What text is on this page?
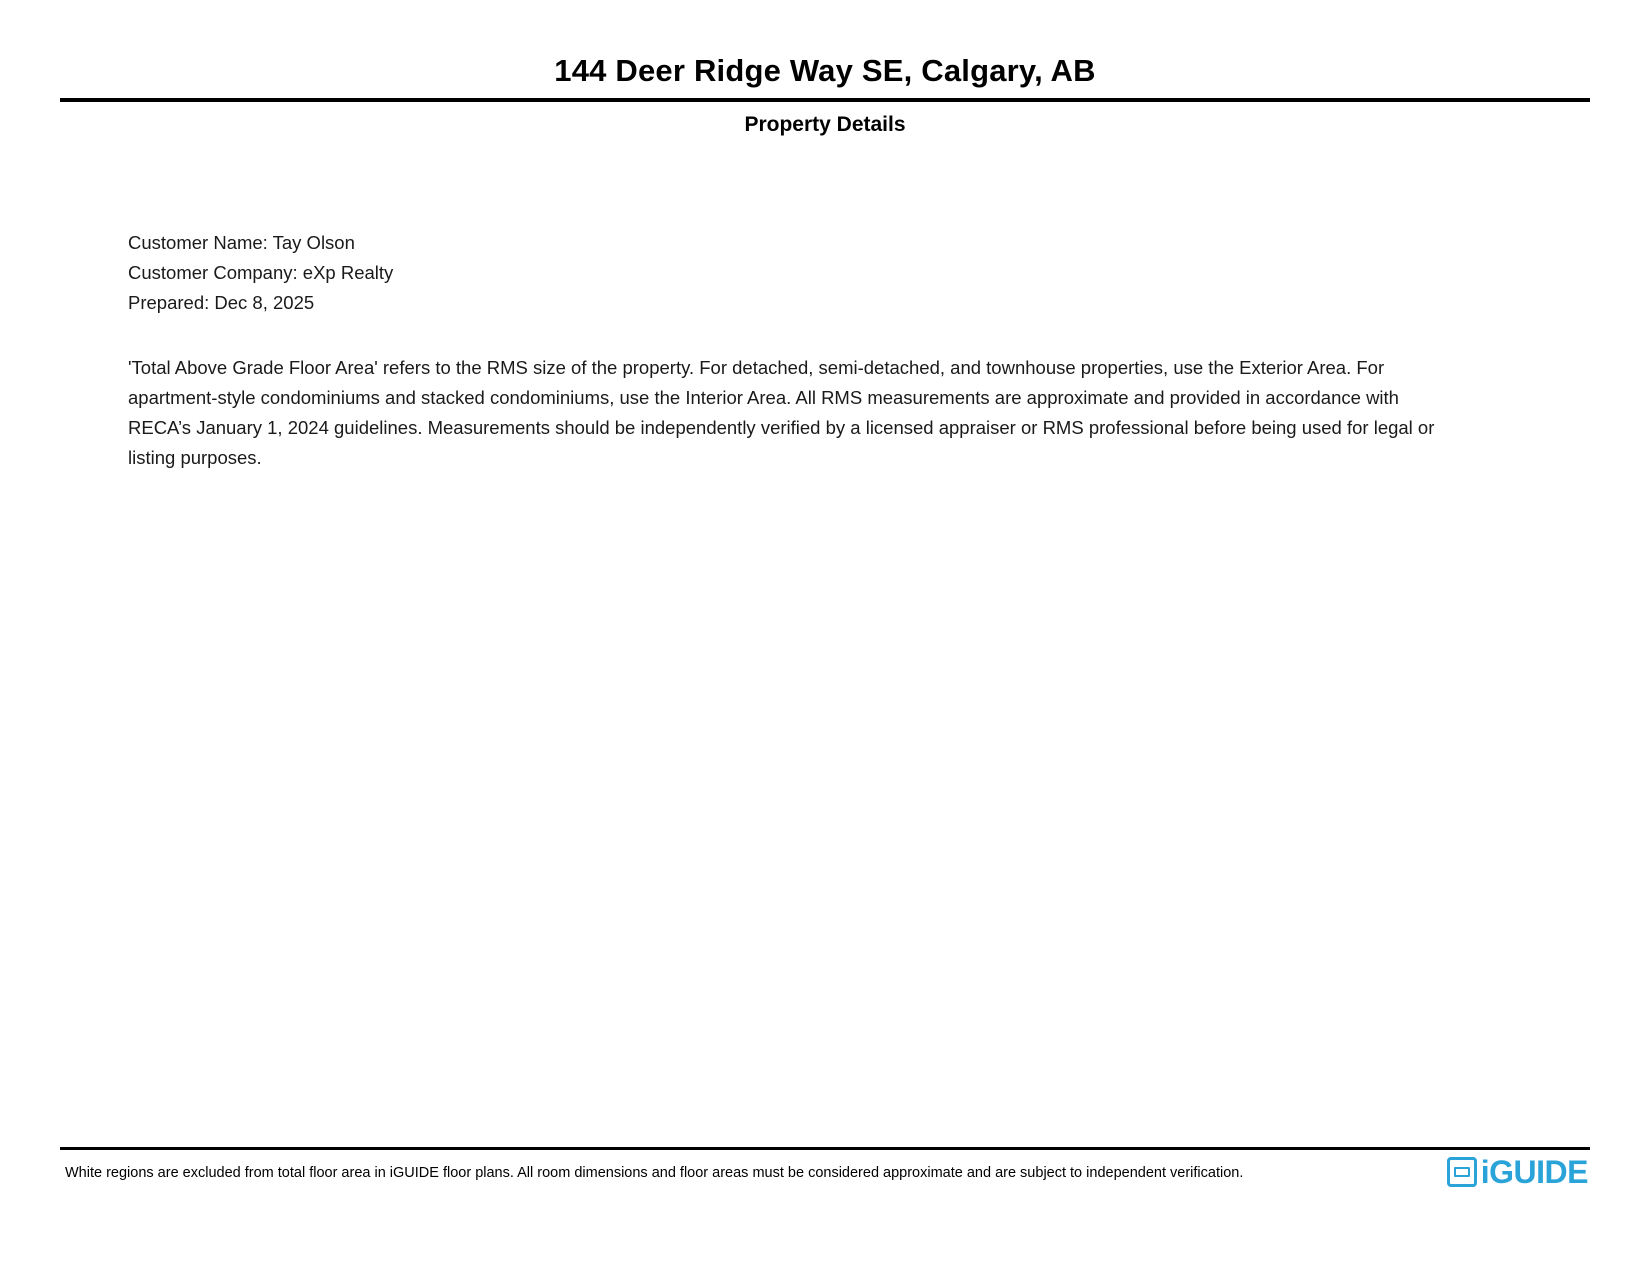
144 Deer Ridge Way SE, Calgary, AB
Property Details
Customer Name: Tay Olson
Customer Company: eXp Realty
Prepared: Dec 8, 2025
'Total Above Grade Floor Area' refers to the RMS size of the property. For detached, semi-detached, and townhouse properties, use the Exterior Area. For apartment-style condominiums and stacked condominiums, use the Interior Area. All RMS measurements are approximate and provided in accordance with RECA’s January 1, 2024 guidelines. Measurements should be independently verified by a licensed appraiser or RMS professional before being used for legal or listing purposes.
White regions are excluded from total floor area in iGUIDE floor plans. All room dimensions and floor areas must be considered approximate and are subject to independent verification.	iGUIDE
